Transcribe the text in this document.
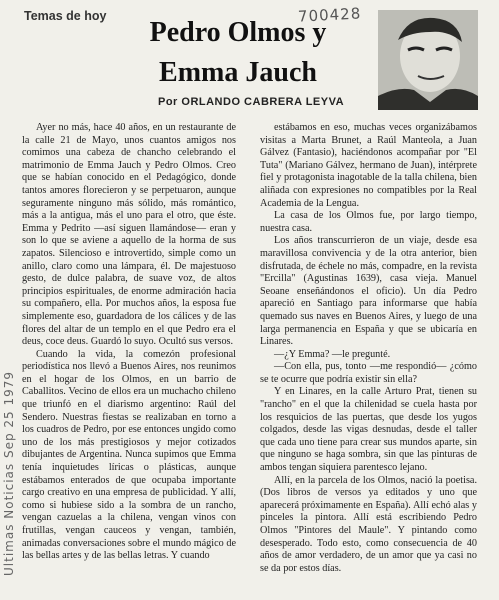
Temas de hoy	700428
Pedro Olmos y
Emma Jauch
Por ORLANDO CABRERA LEYVA
Ultimas Noticias Sep 25 1979

Ayer no más, hace 40 años, en un restaurante de la calle 21 de Mayo, unos cuantos amigos nos comimos una cabeza de chancho celebrando el matrimonio de Emma Jauch y Pedro Olmos. Creo que se habían conocido en el Pedagógico, donde tantos amores florecieron y se perpetuaron, aunque seguramente ninguno más sólido, más romántico, más a la antigua, más el uno para el otro, que éste. Emma y Pedrito —así siguen llamándose— eran y son lo que se aviene a aquello de la horma de sus zapatos. Silencioso e introvertido, simple como un anillo, claro como una lámpara, él. De majestuoso gesto, de dulce palabra, de suave voz, de altos principios espirituales, de enorme admiración hacia su compañero, ella. Por muchos años, la esposa fue simplemente eso, guardadora de los cálices y de las flores del altar de un templo en el que Pedro era el deus, coce deus. Guardó lo suyo. Ocultó sus versos.

Cuando la vida, la comezón profesional periodística nos llevó a Buenos Aires, nos reunimos en el hogar de los Olmos, en un barrio de Caballitos. Vecino de ellos era un muchacho chileno que triunfó en el diarismo argentino: Raúl del Sendero. Nuestras fiestas se realizaban en torno a los cuadros de Pedro, por ese entonces ungido como uno de los más prestigiosos y mejor cotizados dibujantes de Argentina. Nunca supimos que Emma tenía inquietudes líricas o plásticas, aunque estábamos enterados de que ocupaba importante cargo creativo en una empresa de publicidad. Y allí, como si hubiese sido a la sombra de un rancho, vengan cazuelas a la chilena, vengan vinos con frutillas, vengan cauceos y vengan, también, animadas conversaciones sobre el mundo mágico de las bellas artes y de las bellas letras. Y cuando

estábamos en eso, muchas veces organizábamos visitas a Marta Brunet, a Raúl Manteola, a Juan Gálvez (Fantasio), haciéndonos acompañar por "El Tuta" (Mariano Gálvez, hermano de Juan), intérprete fiel y protagonista inagotable de la talla chilena, bien aliñada con expresiones no compatibles por la Real Academia de la Lengua.

La casa de los Olmos fue, por largo tiempo, nuestra casa.

Los años transcurrieron de un viaje, desde esa maravillosa convivencia y de la otra anterior, bien disfrutada, de échele no más, compadre, en la revista "Ercilla" (Agustinas 1639), casa vieja. Manuel Seoane enseñándonos el oficio). Un día Pedro apareció en Santiago para informarse que había quemado sus naves en Buenos Aires, y luego de una larga permanencia en España y que se ubicaría en Linares.

—¿Y Emma? —le pregunté.

—Con ella, pus, tonto —me respondió— ¿cómo se te ocurre que podría existir sin ella?

Y en Linares, en la calle Arturo Prat, tienen su "rancho" en el que la chilenidad se cuela hasta por los resquicios de las puertas, que desde los yugos colgados, desde las vigas desnudas, desde el taller que cada uno tiene para crear sus mundos aparte, sin que ninguno se haga sombra, sin que las pinturas de ambos tengan siquiera parentesco lejano.

Allí, en la parcela de los Olmos, nació la poetisa. (Dos libros de versos ya editados y uno que aparecerá próximamente en España). Allí echó alas y pinceles la pintora. Allí está escribiendo Pedro Olmos "Pintores del Maule". Y pintando como desesperado. Todo esto, como consecuencia de 40 años de amor verdadero, de un amor que ya casi no se da por estos días.
